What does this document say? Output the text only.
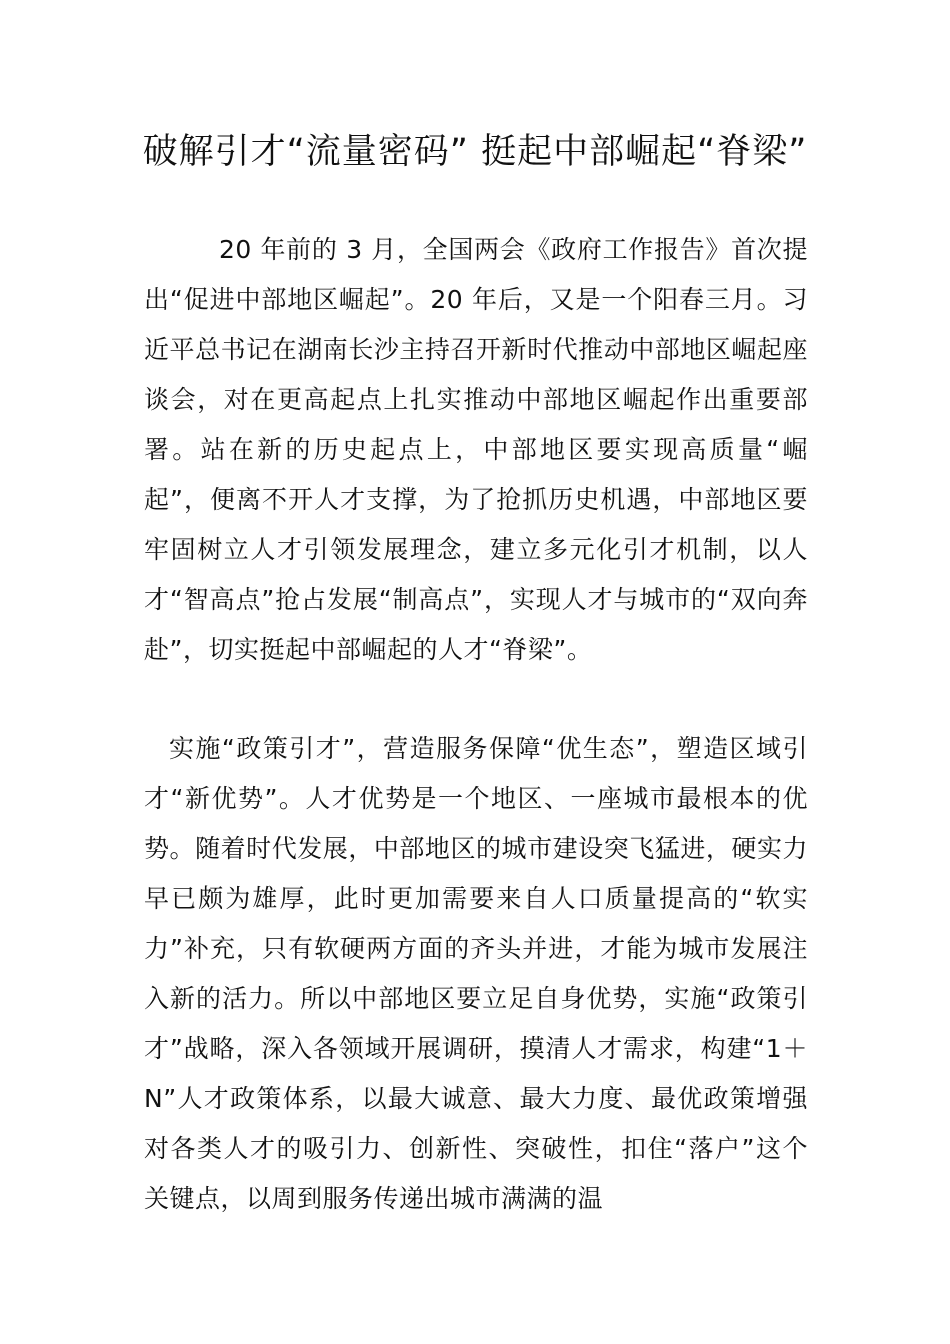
破解引才“流量密码” 挺起中部崛起“脊梁”

20 年前的 3 月，全国两会《政府工作报告》首次提出“促进中部地区崛起”。20 年后，又是一个阳春三月。习近平总书记在湖南长沙主持召开新时代推动中部地区崛起座谈会，对在更高起点上扎实推动中部地区崛起作出重要部署。站在新的历史起点上，中部地区要实现高质量“崛起”，便离不开人才支撑，为了抢抓历史机遇，中部地区要牢固树立人才引领发展理念，建立多元化引才机制，以人才“智高点”抢占发展“制高点”，实现人才与城市的“双向奔赴”，切实挺起中部崛起的人才“脊梁”。

实施“政策引才”，营造服务保障“优生态”，塑造区域引才“新优势”。人才优势是一个地区、一座城市最根本的优势。随着时代发展，中部地区的城市建设突飞猛进，硬实力早已颇为雄厚，此时更加需要来自人口质量提高的“软实力”补充，只有软硬两方面的齐头并进，才能为城市发展注入新的活力。所以中部地区要立足自身优势，实施“政策引才”战略，深入各领域开展调研，摸清人才需求，构建“1＋N”人才政策体系，以最大诚意、最大力度、最优政策增强对各类人才的吸引力、创新性、突破性，扣住“落户”这个关键点，以周到服务传递出城市满满的温
